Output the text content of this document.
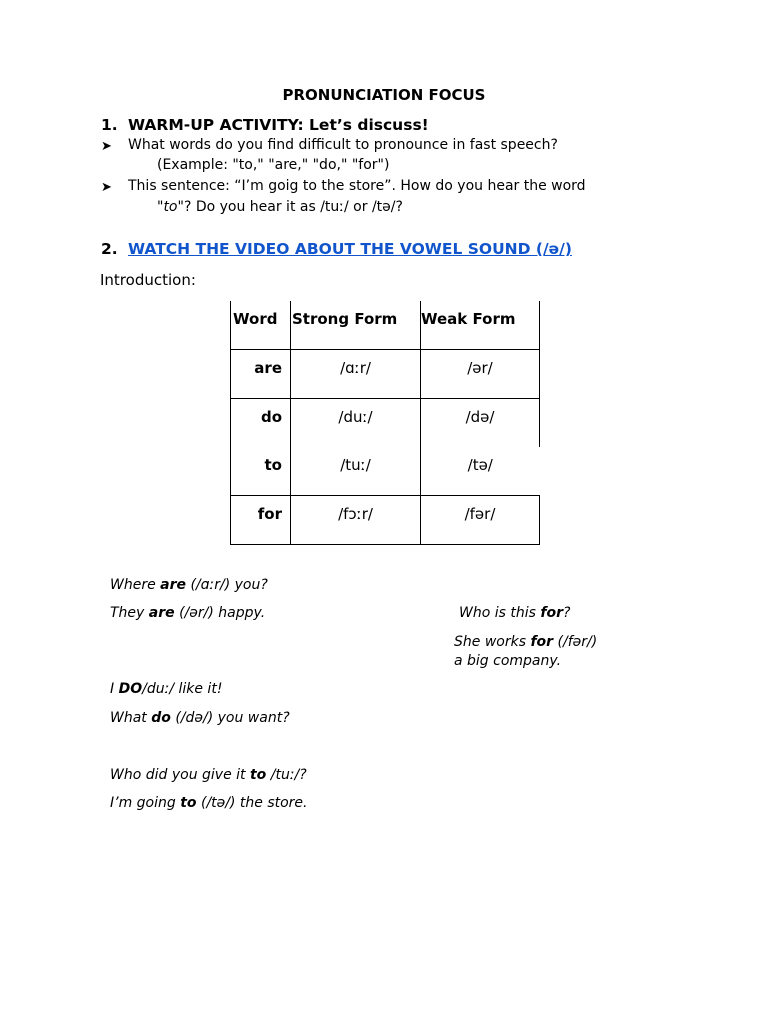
PRONUNCIATION FOCUS
1. WARM-UP ACTIVITY: Let’s discuss!
➤ What words do you find difficult to pronounce in fast speech?
(Example: "to," "are," "do," "for")
➤ This sentence: “I’m goig to the store”. How do you hear the word
"to"? Do you hear it as /tuː/ or /tə/?
2. WATCH THE VIDEO ABOUT THE VOWEL SOUND (/ə/)
Introduction:
Word	Strong Form	Weak Form

are	/ɑːr/	/ər/

do	/duː/	/də/

to	/tuː/	/tə/

for	/fɔːr/	/fər/
Where are (/ɑːr/) you?
They are (/ər/) happy.	Who is this for?
She works for (/fər/)
a big company.
I DO/duː/ like it!
What do (/də/) you want?
Who did you give it to /tuː/?
I’m going to (/tə/) the store.
